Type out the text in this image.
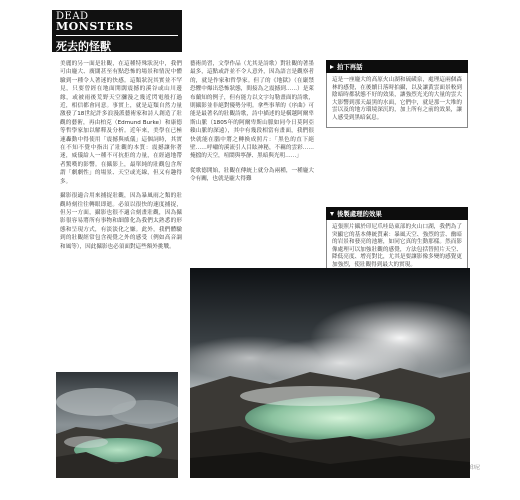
DEAD
MONSTERS
死去的怪獸

美麗的另一面是壯觀，在這種特殊狀況中，我們可由龐大、廣闊甚至有點恐怖的場景和情況中體驗到一種令人著迷的快感。這類狀況其實並不罕見，只要曾經在地面開闊震撼的溪谷或山川邊緣，或被雨後荒野天空瀰漫之幾近閃電般打過近，相信都會同意。事實上，就是這類自然力量激發了18世紀許多浪漫派藝術家和詩人創造了壯觀的藝術，再由柏克（Edmund Burke）和康德等哲學家加以解釋及分析。近年來，美學在已極速轟動中得使用「震撼與威儀」這個詞時，其實在不知不覺中指出了壯觀的本質：震撼讓你著迷，威儀給人一種不可抗拒的力量，在經過地帶者驚嘆的影響。在攝影上，最單純的壯觀包含所謂「劇劇性」的場景、天空或光線，但又有趣得多。

攝影很適合用來捕捉壯觀，因為暴風雨之類的壯觀時刻往往轉眼即逝。必須以很快的速度捕捉，但另一方面，攝影也很不適合刻畫壯觀，因為攝影很容易將所有事物和細節化為我們太熟悉的形態和呈現方式，有淡淡化之嫌。此外，我們體驗到的壯觀經常包含視覺之外的感受（例如高音調和風等），因此攝影也必須面對這些額外挑戰。

藝術尚習，文學作品（尤其是詩歌）對壯觀的著墨最多，這點或許並不令人意外，因為語言是觀察者的，就是作家和哲學家。但了的《地獄》（在嚴禁恐懼中爆出恐怖狀態，間接為之震撼到……）是萊布蘭知的例子，但有能力以文字勾勒畫面的詩歌，則攝影並非絕對優勢分明。拿些事華的《序曲》可能是最著名的壯觀詩歌，詩中描述的是橫越阿爾卑斯山脈（1805年的阿爾卑斯山脈如同今日莫阿亞賴山脈的深遠），其中有幾段相當有畫面，我們很快就能在腦中將之轉換成照片：「黑色的直下絕壁……呼嘯的溪流引人目眩神秘，不羈的雲彩……掩擋的天空，喧鬧與寧靜、黑暗與光明……」

從歌德開始，壯觀在傳統上就分為兩種，一種龐大令有關，也就是龐大得難

拍下再話
這是一座龐大的高原火山湖和硫磺泉，處理這兩個森林的感覺，在後續日落時拍攝，以及讓黃雲面景較到陰暗時都狀態不好的效果，讓強烈光光的大量的雲大大影響到那天最黑的水面，它們中，就是那一大堆的雲以及的地方環境深沉的，加上所有之前的效果，讓人感受到黑暗氣息。
後製處理的效果
這張照片攝於印尼爪哇島東部的火山口湖，我們為了突顯它的基本傳統質素：暴風天空、強烈的雲、幽暗的岩景和發亮的池塘，如同它真的生動那樣。然而影像處理可以加強壯觀的感覺，方法包括替照片天空、降低亮度、增亮對比，尤其是要讓影像多變的感覺更加強烈，使壯觀得到最大的實現。
印尼
